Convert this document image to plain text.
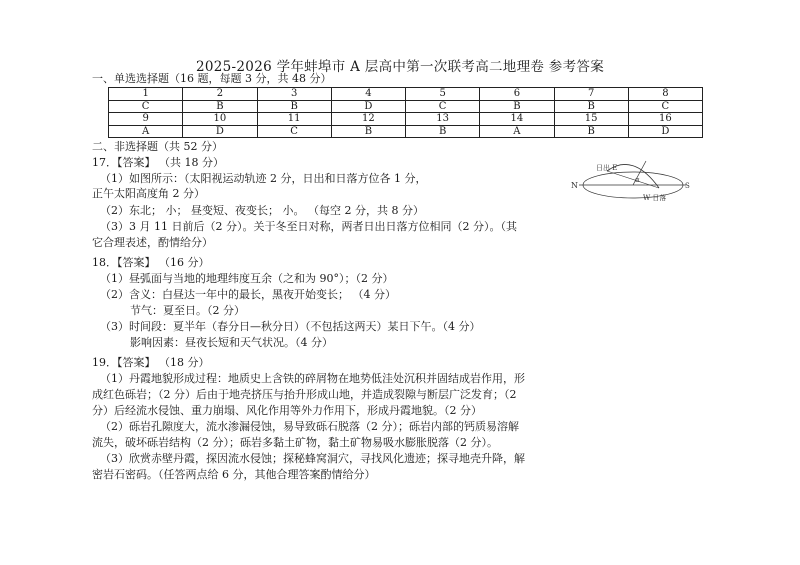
2025-2026 学年蚌埠市 A 层高中第一次联考高二地理卷 参考答案
一、单选选择题（16 题，每题 3 分，共 48 分）
1	2	3	4	5	6	7	8
C	B	B	D	C	B	B	C
9	10	11	12	13	14	15	16
A	D	C	B	B	A	B	D
二、非选择题（共 52 分）
17．【答案】 （共 18 分）
（1）如图所示：（太阳视运动轨迹 2 分，日出和日落方位各 1 分，
正午太阳高度角 2 分）
（2）东北； 小； 昼变短、夜变长； 小。 （每空 2 分，共 8 分）
（3）3 月 11 日前后（2 分）。关于冬至日对称，两者日出日落方位相同（2 分）。（其
它合理表述，酌情给分）
N	S
日出 E
W 日落
α
18．【答案】 （16 分）
（1）昼弧面与当地的地理纬度互余（之和为 90°）；（2 分）
（2）含义：白昼达一年中的最长，黑夜开始变长； （4 分）
节气：夏至日。（2 分）
（3）时间段：夏半年（春分日—秋分日）（不包括这两天）某日下午。（4 分）
影响因素：昼夜长短和天气状况。（4 分）
19．【答案】 （18 分）
（1）丹霞地貌形成过程：地质史上含铁的碎屑物在地势低洼处沉积并固结成岩作用，形
成红色砾岩；（2 分）后由于地壳挤压与抬升形成山地，并造成裂隙与断层广泛发育；（2
分）后经流水侵蚀、重力崩塌、风化作用等外力作用下，形成丹霞地貌。（2 分）
（2）砾岩孔隙度大，流水渗漏侵蚀，易导致砾石脱落（2 分）；砾岩内部的钙质易溶解
流失，破坏砾岩结构（2 分）；砾岩多黏土矿物，黏土矿物易吸水膨胀脱落（2 分）。
（3）欣赏赤壁丹霞，探因流水侵蚀；探秘蜂窝洞穴，寻找风化遗迹；探寻地壳升降，解
密岩石密码。（任答两点给 6 分，其他合理答案酌情给分）
